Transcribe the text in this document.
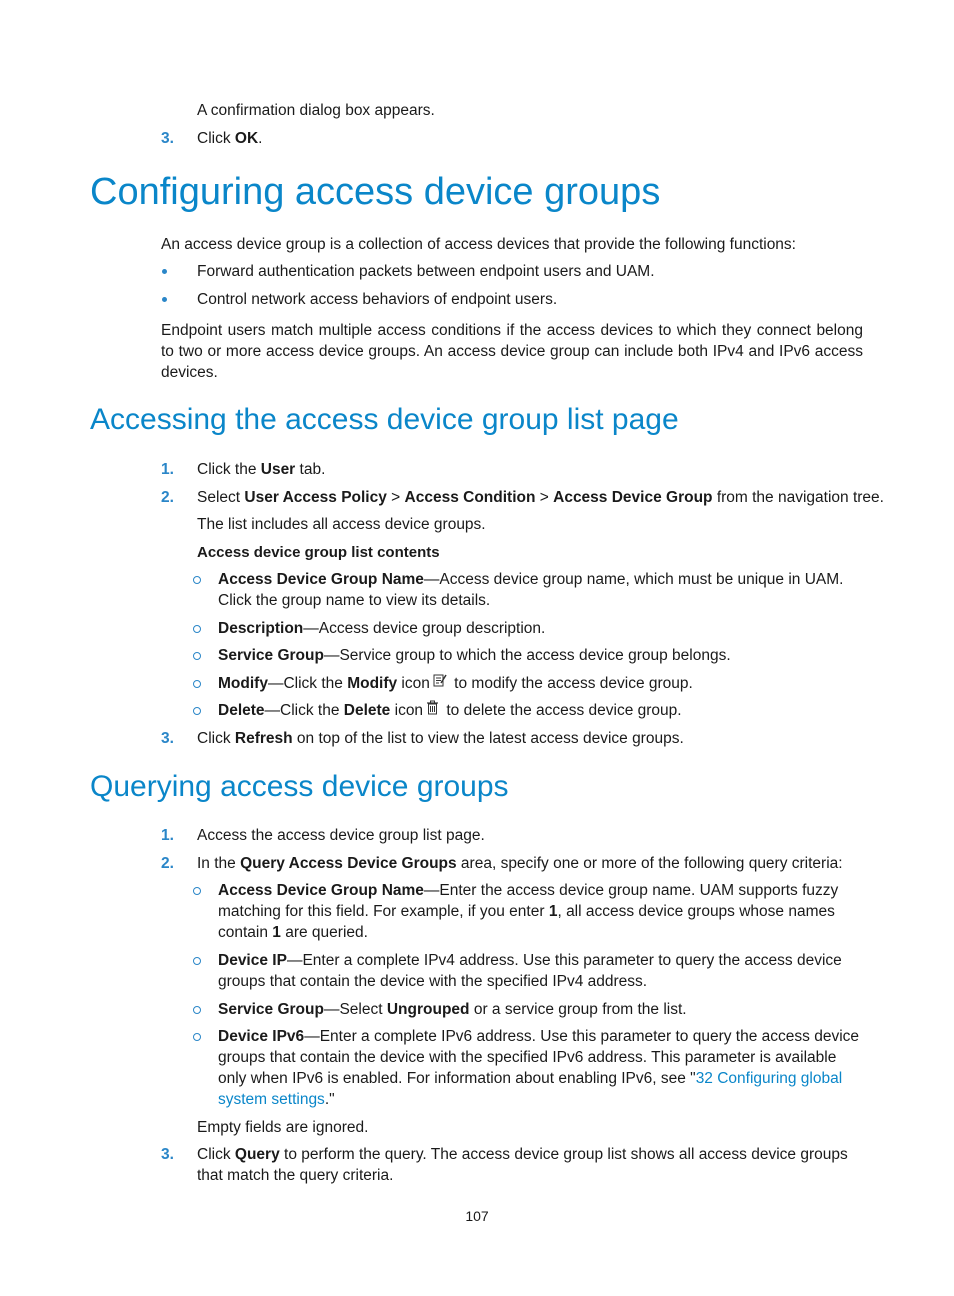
A confirmation dialog box appears.
3. Click OK.
Configuring access device groups
An access device group is a collection of access devices that provide the following functions:
Forward authentication packets between endpoint users and UAM.
Control network access behaviors of endpoint users.
Endpoint users match multiple access conditions if the access devices to which they connect belong to two or more access device groups. An access device group can include both IPv4 and IPv6 access devices.
Accessing the access device group list page
1. Click the User tab.
2. Select User Access Policy > Access Condition > Access Device Group from the navigation tree.
The list includes all access device groups.
Access device group list contents
Access Device Group Name—Access device group name, which must be unique in UAM. Click the group name to view its details.
Description—Access device group description.
Service Group—Service group to which the access device group belongs.
Modify—Click the Modify icon to modify the access device group.
Delete—Click the Delete icon to delete the access device group.
3. Click Refresh on top of the list to view the latest access device groups.
Querying access device groups
1. Access the access device group list page.
2. In the Query Access Device Groups area, specify one or more of the following query criteria:
Access Device Group Name—Enter the access device group name. UAM supports fuzzy matching for this field. For example, if you enter 1, all access device groups whose names contain 1 are queried.
Device IP—Enter a complete IPv4 address. Use this parameter to query the access device groups that contain the device with the specified IPv4 address.
Service Group—Select Ungrouped or a service group from the list.
Device IPv6—Enter a complete IPv6 address. Use this parameter to query the access device groups that contain the device with the specified IPv6 address. This parameter is available only when IPv6 is enabled. For information about enabling IPv6, see "32 Configuring global system settings."
Empty fields are ignored.
3. Click Query to perform the query. The access device group list shows all access device groups that match the query criteria.
107
